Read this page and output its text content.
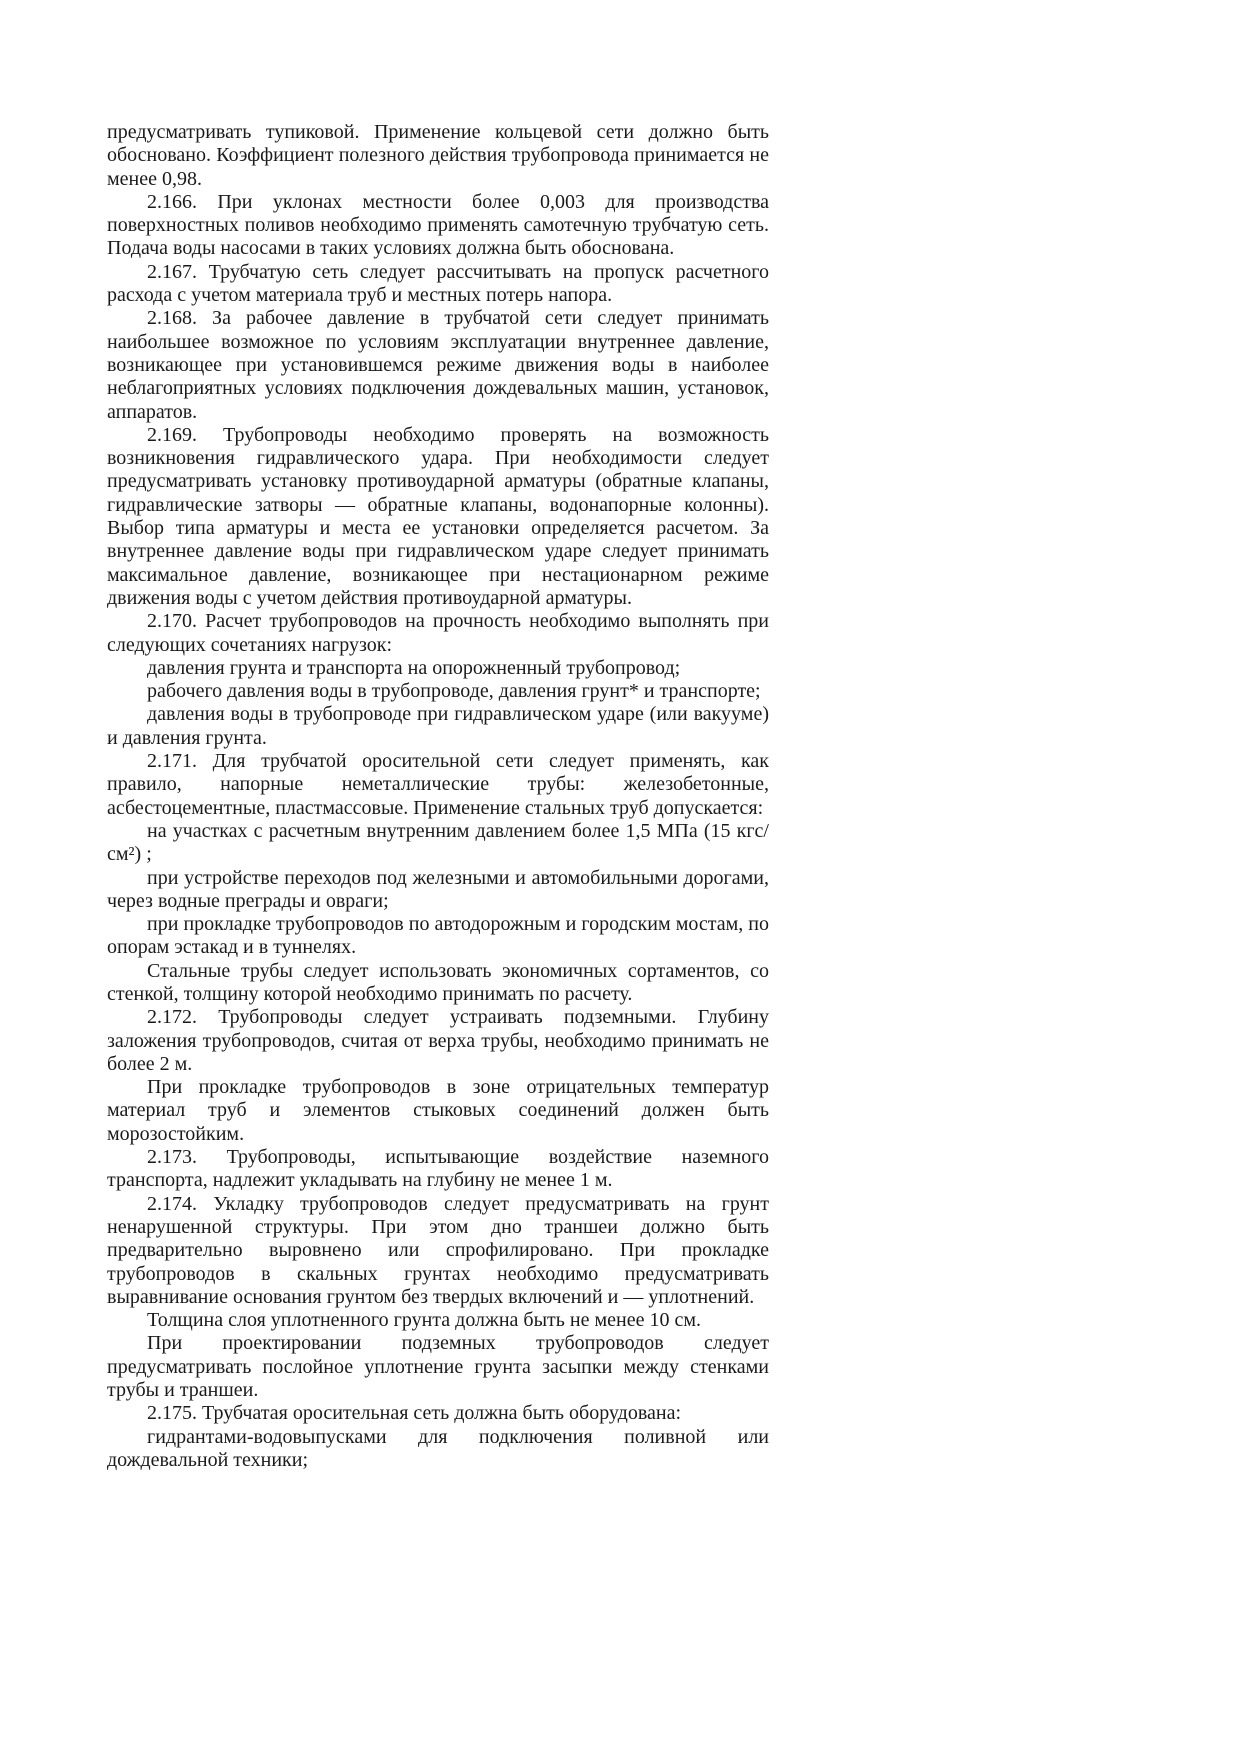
предусматривать тупиковой. Применение кольцевой сети должно быть обосновано. Коэффициент полезного действия трубопровода принимается не менее 0,98.

2.166. При уклонах местности более 0,003 для производства поверхностных поливов необходимо применять самотечную трубчатую сеть. Подача воды насосами в таких условиях должна быть обоснована.

2.167. Трубчатую сеть следует рассчитывать на пропуск расчетного расхода с учетом материала труб и местных потерь напора.

2.168. За рабочее давление в трубчатой сети следует принимать наибольшее возможное по условиям эксплуатации внутреннее давление, возникающее при установившемся режиме движения воды в наиболее неблагоприятных условиях подключения дождевальных машин, установок, аппаратов.

2.169. Трубопроводы необходимо проверять на возможность возникновения гидравлического удара. При необходимости следует предусматривать установку противоударной арматуры (обратные клапаны, гидравлические затворы — обратные клапаны, водонапорные колонны). Выбор типа арматуры и места ее установки определяется расчетом. За внутреннее давление воды при гидравлическом ударе следует принимать максимальное давление, возникающее при нестационарном режиме движения воды с учетом действия противоударной арматуры.

2.170. Расчет трубопроводов на прочность необходимо выполнять при следующих сочетаниях нагрузок:

давления грунта и транспорта на опорожненный трубопровод;

рабочего давления воды в трубопроводе, давления грунт* и транспорте;

давления воды в трубопроводе при гидравлическом ударе (или вакууме) и давления грунта.

2.171. Для трубчатой оросительной сети следует применять, как правило, напорные неметаллические трубы: железобетонные, асбестоцементные, пластмассовые. Применение стальных труб допускается:

на участках с расчетным внутренним давлением более 1,5 МПа (15 кгс/см²) ;

при устройстве переходов под железными и автомобильными дорогами, через водные преграды и овраги;

при прокладке трубопроводов по автодорожным и городским мостам, по опорам эстакад и в туннелях.

Стальные трубы следует использовать экономичных сортаментов, со стенкой, толщину которой необходимо принимать по расчету.

2.172. Трубопроводы следует устраивать подземными. Глубину заложения трубопроводов, считая от верха трубы, необходимо принимать не более 2 м.

При прокладке трубопроводов в зоне отрицательных температур материал труб и элементов стыковых соединений должен быть морозостойким.

2.173. Трубопроводы, испытывающие воздействие наземного транспорта, надлежит укладывать на глубину не менее 1 м.

2.174. Укладку трубопроводов следует предусматривать на грунт ненарушенной структуры. При этом дно траншеи должно быть предварительно выровнено или спрофилировано. При прокладке трубопроводов в скальных грунтах необходимо предусматривать выравнивание основания грунтом без твердых включений и — уплотнений.

Толщина слоя уплотненного грунта должна быть не менее 10 см.

При проектировании подземных трубопроводов следует предусматривать послойное уплотнение грунта засыпки между стенками трубы и траншеи.

2.175. Трубчатая оросительная сеть должна быть оборудована:

гидрантами-водовыпусками для подключения поливной или дождевальной техники;
